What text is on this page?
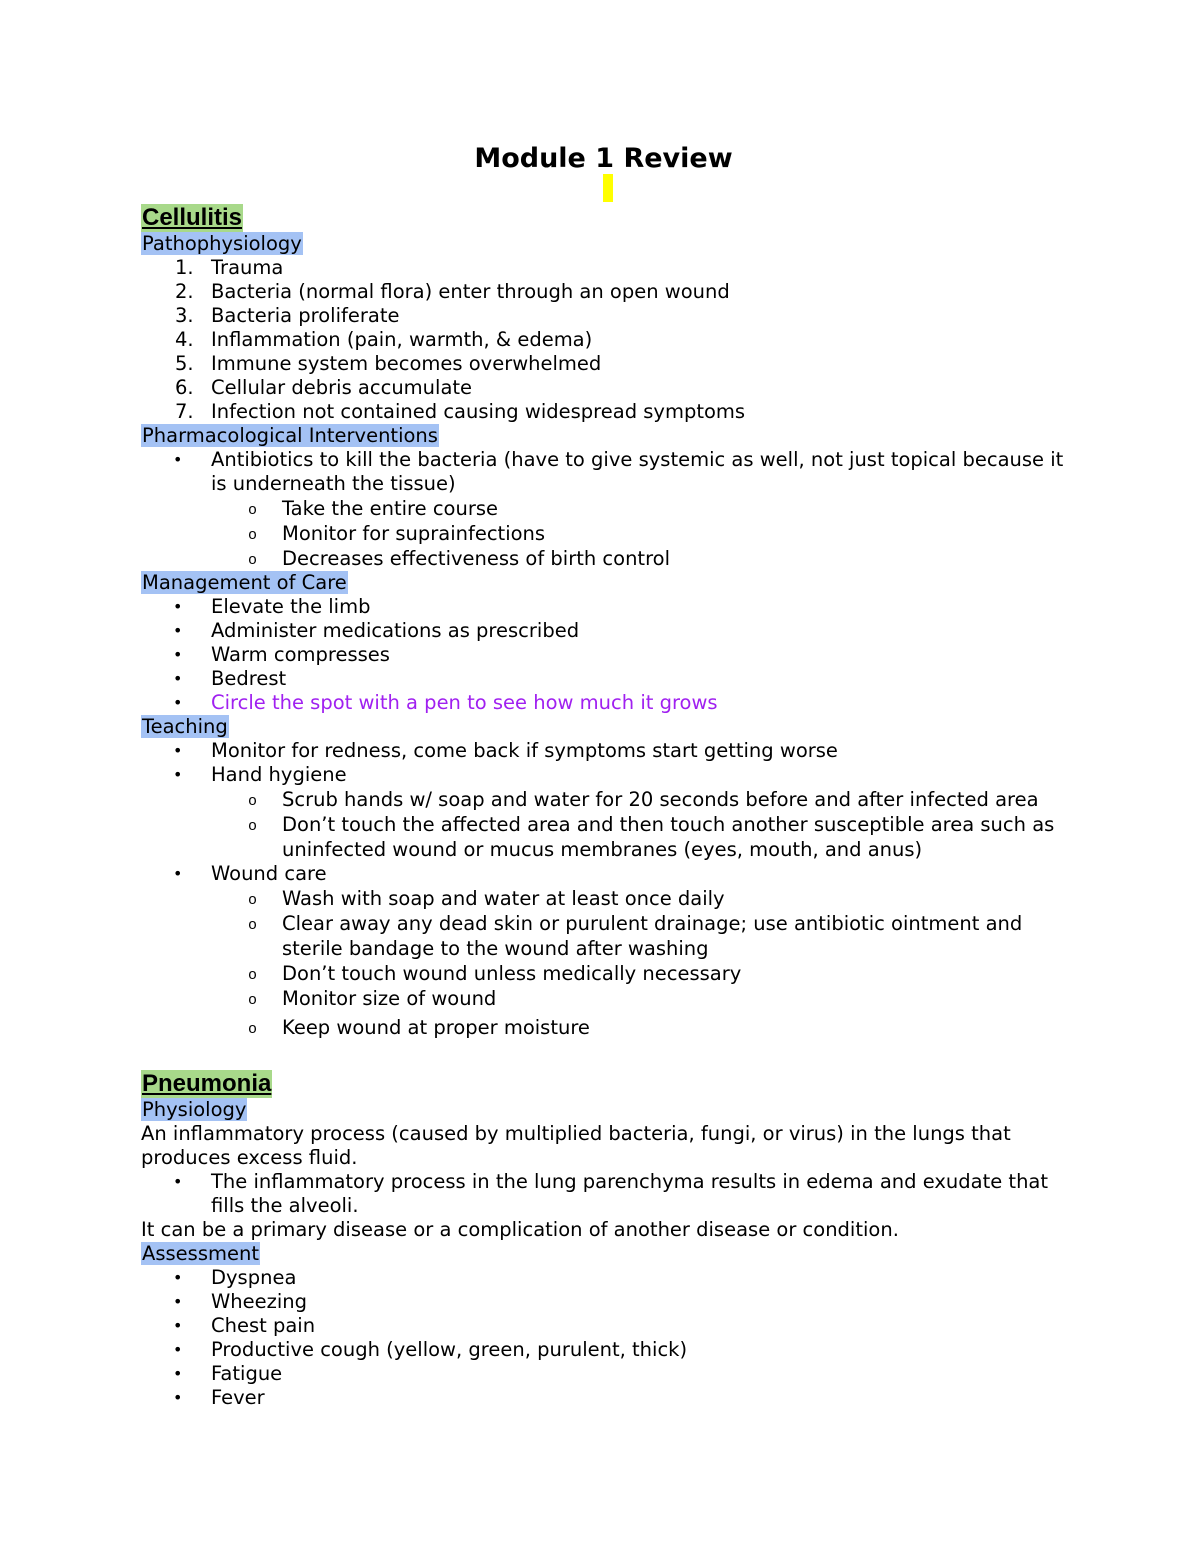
Module 1 Review
Cellulitis
Pathophysiology
1. Trauma
2. Bacteria (normal flora) enter through an open wound
3. Bacteria proliferate
4. Inflammation (pain, warmth, & edema)
5. Immune system becomes overwhelmed
6. Cellular debris accumulate
7. Infection not contained causing widespread symptoms
Pharmacological Interventions
• Antibiotics to kill the bacteria (have to give systemic as well, not just topical because it is underneath the tissue)
o Take the entire course
o Monitor for suprainfections
o Decreases effectiveness of birth control
Management of Care
• Elevate the limb
• Administer medications as prescribed
• Warm compresses
• Bedrest
• Circle the spot with a pen to see how much it grows
Teaching
• Monitor for redness, come back if symptoms start getting worse
• Hand hygiene
o Scrub hands w/ soap and water for 20 seconds before and after infected area
o Don’t touch the affected area and then touch another susceptible area such as uninfected wound or mucus membranes (eyes, mouth, and anus)
• Wound care
o Wash with soap and water at least once daily
o Clear away any dead skin or purulent drainage; use antibiotic ointment and sterile bandage to the wound after washing
o Don’t touch wound unless medically necessary
o Monitor size of wound
o Keep wound at proper moisture
Pneumonia
Physiology

An inflammatory process (caused by multiplied bacteria, fungi, or virus) in the lungs that produces excess fluid.

• The inflammatory process in the lung parenchyma results in edema and exudate that fills the alveoli.

It can be a primary disease or a complication of another disease or condition.

Assessment
• Dyspnea
• Wheezing
• Chest pain
• Productive cough (yellow, green, purulent, thick)
• Fatigue
• Fever
